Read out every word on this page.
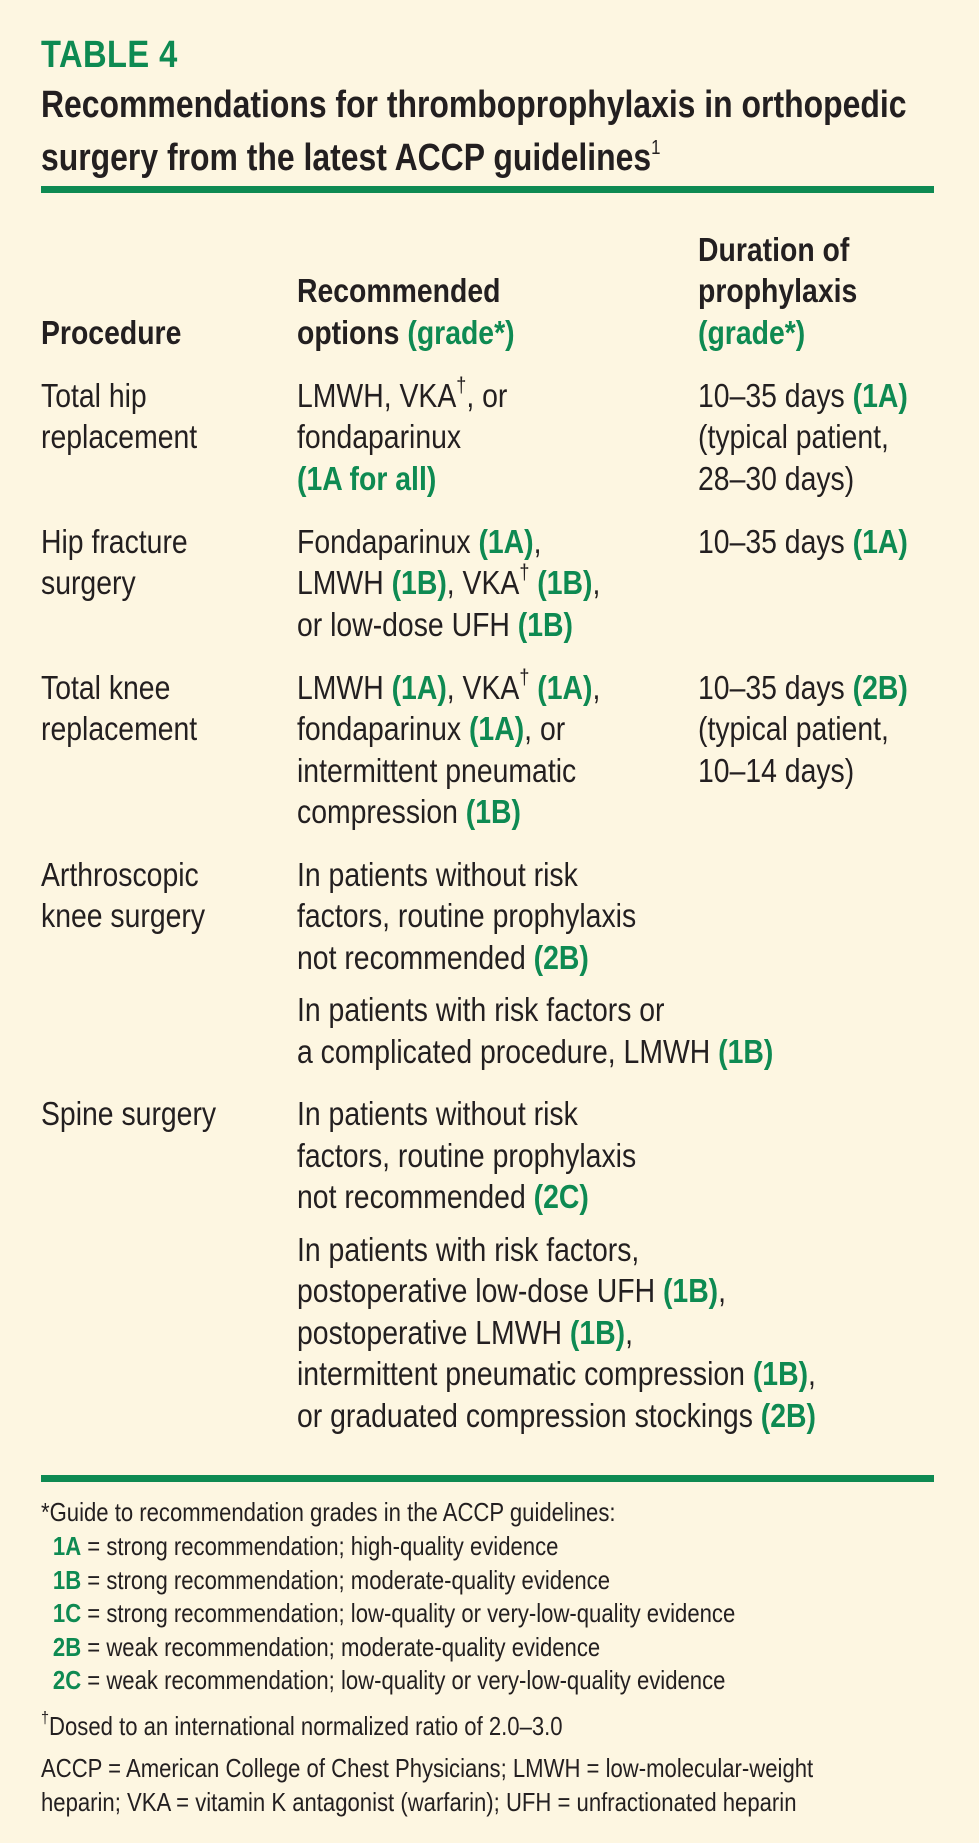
TABLE 4
Recommendations for thromboprophylaxis in orthopedic surgery from the latest ACCP guidelines$^1$
Procedure
Recommended
options (grade*)
Duration of
prophylaxis
(grade*)
Total hip
replacement
LMWH, VKA†, or
fondaparinux
(1A for all)
10–35 days (1A)
(typical patient,
28–30 days)
Hip fracture
surgery
Fondaparinux (1A),
LMWH (1B), VKA† (1B),
or low-dose UFH (1B)
10–35 days (1A)
Total knee
replacement
LMWH (1A), VKA† (1A),
fondaparinux (1A), or
intermittent pneumatic
compression (1B)
10–35 days (2B)
(typical patient,
10–14 days)
Arthroscopic
knee surgery
In patients without risk
factors, routine prophylaxis
not recommended (2B)
In patients with risk factors or
a complicated procedure, LMWH (1B)
Spine surgery In patients without risk
factors, routine prophylaxis
not recommended (2C)
In patients with risk factors,
postoperative low-dose UFH (1B),
postoperative LMWH (1B),
intermittent pneumatic compression (1B),
or graduated compression stockings (2B)
*Guide to recommendation grades in the ACCP guidelines:
1A = strong recommendation; high-quality evidence
1B = strong recommendation; moderate-quality evidence
1C = strong recommendation; low-quality or very-low-quality evidence
2B = weak recommendation; moderate-quality evidence
2C = weak recommendation; low-quality or very-low-quality evidence
†Dosed to an international normalized ratio of 2.0–3.0
ACCP = American College of Chest Physicians; LMWH = low-molecular-weight
heparin; VKA = vitamin K antagonist (warfarin); UFH = unfractionated heparin
